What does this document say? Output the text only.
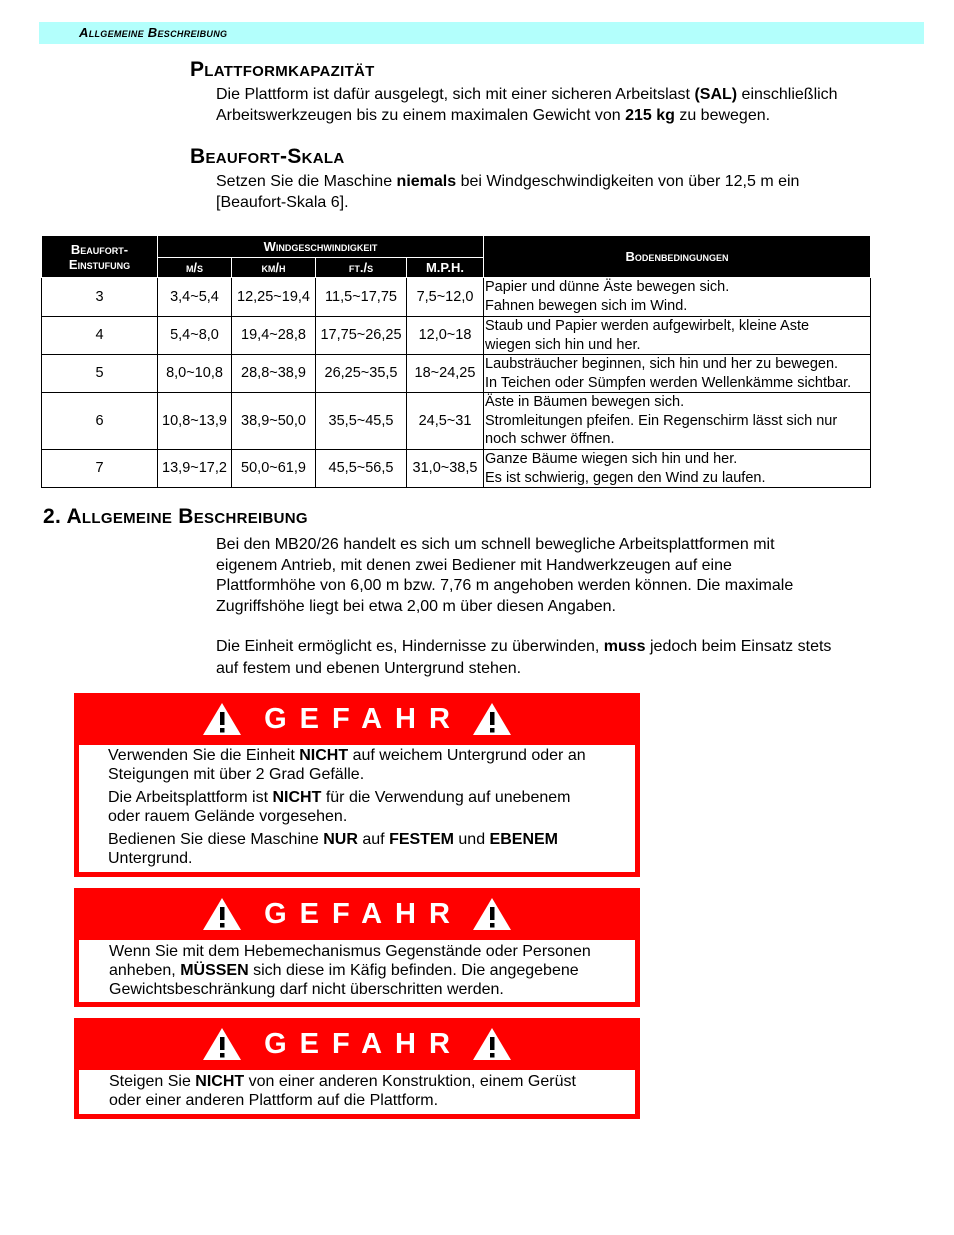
Allgemeine Beschreibung
Plattformkapazität
Die Plattform ist dafür ausgelegt, sich mit einer sicheren Arbeitslast (SAL) einschließlich
Arbeitswerkzeugen bis zu einem maximalen Gewicht von 215 kg zu bewegen.
Beaufort-Skala
Setzen Sie die Maschine niemals bei Windgeschwindigkeiten von über 12,5 m ein
[Beaufort-Skala 6].
Beaufort-
Einstufung	Windgeschwindigkeit				Bodenbedingungen
	m/s	km/h	ft./s	M.P.H.	
3	3,4~5,4	12,25~19,4	11,5~17,75	7,5~12,0	Papier und dünne Äste bewegen sich.
Fahnen bewegen sich im Wind.

4	5,4~8,0	19,4~28,8	17,75~26,25	12,0~18	Staub und Papier werden aufgewirbelt, kleine Aste
wiegen sich hin und her.

5	8,0~10,8	28,8~38,9	26,25~35,5	18~24,25	Laubsträucher beginnen, sich hin und her zu bewegen.
In Teichen oder Sümpfen werden Wellenkämme sichtbar.

6	10,8~13,9	38,9~50,0	35,5~45,5	24,5~31	Äste in Bäumen bewegen sich.
Stromleitungen pfeifen. Ein Regenschirm lässt sich nur
noch schwer öffnen.

7	13,9~17,2	50,0~61,9	45,5~56,5	31,0~38,5	Ganze Bäume wiegen sich hin und her.
Es ist schwierig, gegen den Wind zu laufen.
2. Allgemeine Beschreibung
Bei den MB20/26 handelt es sich um schnell bewegliche Arbeitsplattformen mit
eigenem Antrieb, mit denen zwei Bediener mit Handwerkzeugen auf eine
Plattformhöhe von 6,00 m bzw. 7,76 m angehoben werden können. Die maximale
Zugriffshöhe liegt bei etwa 2,00 m über diesen Angaben.
Die Einheit ermöglicht es, Hindernisse zu überwinden, muss jedoch beim Einsatz stets
auf festem und ebenen Untergrund stehen.
GEFAHR

Verwenden Sie die Einheit NICHT auf weichem Untergrund oder an

Steigungen mit über 2 Grad Gefälle.

Die Arbeitsplattform ist NICHT für die Verwendung auf unebenem

oder rauem Gelände vorgesehen.

Bedienen Sie diese Maschine NUR auf FESTEM und EBENEM

Untergrund.

GEFAHR

Wenn Sie mit dem Hebemechanismus Gegenstände oder Personen

anheben, MÜSSEN sich diese im Käfig befinden. Die angegebene

Gewichtsbeschränkung darf nicht überschritten werden.

GEFAHR

Steigen Sie NICHT von einer anderen Konstruktion, einem Gerüst

oder einer anderen Plattform auf die Plattform.
